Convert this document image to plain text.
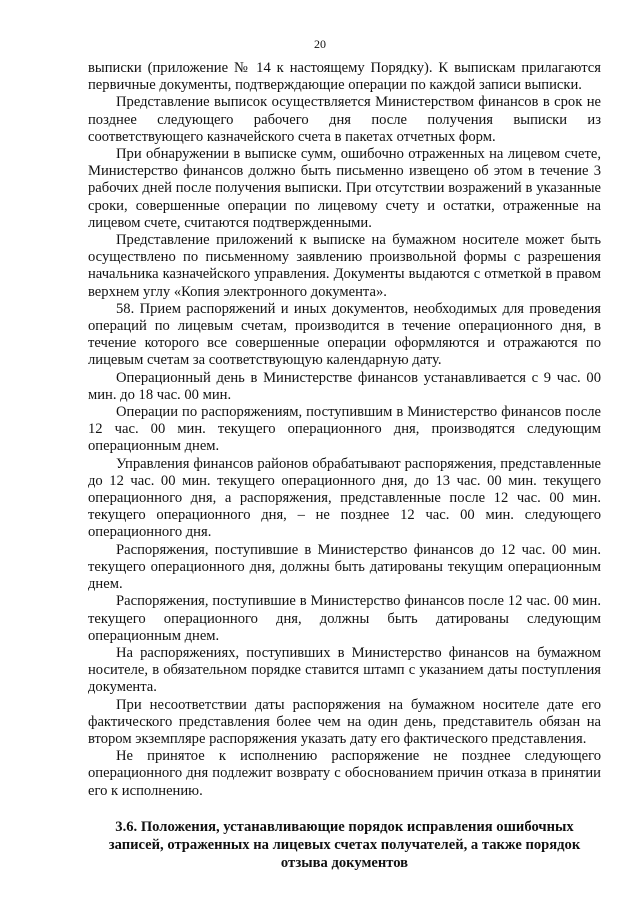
20

выписки (приложение № 14 к настоящему Порядку). К выпискам прилагаются первичные документы, подтверждающие операции по каждой записи выписки.

Представление выписок осуществляется Министерством финансов в срок не позднее следующего рабочего дня после получения выписки из соответствующего казначейского счета в пакетах отчетных форм.

При обнаружении в выписке сумм, ошибочно отраженных на лицевом счете, Министерство финансов должно быть письменно извещено об этом в течение 3 рабочих дней после получения выписки. При отсутствии возражений в указанные сроки, совершенные операции по лицевому счету и остатки, отраженные на лицевом счете, считаются подтвержденными.

Представление приложений к выписке на бумажном носителе может быть осуществлено по письменному заявлению произвольной формы с разрешения начальника казначейского управления. Документы выдаются с отметкой в правом верхнем углу «Копия электронного документа».

58. Прием распоряжений и иных документов, необходимых для проведения операций по лицевым счетам, производится в течение операционного дня, в течение которого все совершенные операции оформляются и отражаются по лицевым счетам за соответствующую календарную дату.

Операционный день в Министерстве финансов устанавливается с 9 час. 00 мин. до 18 час. 00 мин.

Операции по распоряжениям, поступившим в Министерство финансов после 12 час. 00 мин. текущего операционного дня, производятся следующим операционным днем.

Управления финансов районов обрабатывают распоряжения, представленные до 12 час. 00 мин. текущего операционного дня, до 13 час. 00 мин. текущего операционного дня, а распоряжения, представленные после 12 час. 00 мин. текущего операционного дня, – не позднее 12 час. 00 мин. следующего операционного дня.

Распоряжения, поступившие в Министерство финансов до 12 час. 00 мин. текущего операционного дня, должны быть датированы текущим операционным днем.

Распоряжения, поступившие в Министерство финансов после 12 час. 00 мин. текущего операционного дня, должны быть датированы следующим операционным днем.

На распоряжениях, поступивших в Министерство финансов на бумажном носителе, в обязательном порядке ставится штамп с указанием даты поступления документа.

При несоответствии даты распоряжения на бумажном носителе дате его фактического представления более чем на один день, представитель обязан на втором экземпляре распоряжения указать дату его фактического представления.

Не принятое к исполнению распоряжение не позднее следующего операционного дня подлежит возврату с обоснованием причин отказа в принятии его к исполнению.

3.6. Положения, устанавливающие порядок исправления ошибочных записей, отраженных на лицевых счетах получателей, а также порядок отзыва документов
